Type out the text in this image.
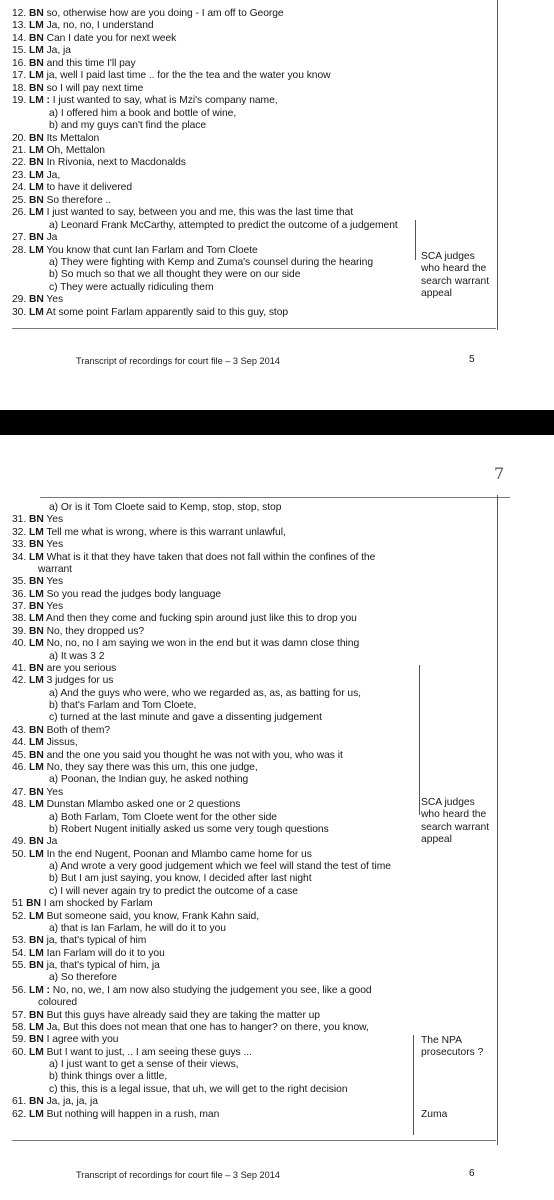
12. BN so, otherwise how are you doing - I am off to George
13. LM Ja, no, no, I understand
14. BN Can I date you for next week
15. LM Ja, ja
16. BN and this time I'll pay
17. LM ja, well I paid last time .. for the the tea and the water you know
18. BN so I will pay next time
19. LM : I just wanted to say, what is Mzi's company name,
a) I offered him a book and bottle of wine,
b) and my guys can't find the place
20. BN Its Mettalon
21. LM Oh, Mettalon
22. BN In Rivonia, next to Macdonalds
23. LM Ja,
24. LM to have it delivered
25. BN So therefore ..
26. LM I just wanted to say, between you and me, this was the last time that
a) Leonard Frank McCarthy, attempted to predict the outcome of a judgement
27. BN Ja
28. LM You know that cunt Ian Farlam and Tom Cloete
a) They were fighting with Kemp and Zuma's counsel during the hearing
b) So much so that we all thought they were on our side
c) They were actually ridiculing them
29. BN Yes
30. LM At some point Farlam apparently said to this guy, stop
SCA judges
who heard the
search warrant
appeal
Transcript of recordings for court file – 3 Sep 2014	5
7
a) Or is it Tom Cloete said to Kemp, stop, stop, stop
31. BN Yes
32. LM Tell me what is wrong, where is this warrant unlawful,
33. BN Yes
34. LM What is it that they have taken that does not fall within the confines of the
warrant
35. BN Yes
36. LM So you read the judges body language
37. BN Yes
38. LM And then they come and fucking spin around just like this to drop you
39. BN No, they dropped us?
40. LM No, no, no I am saying we won in the end but it was damn close thing
a) It was 3 2
41. BN are you serious
42. LM 3 judges for us
a) And the guys who were, who we regarded as, as, as batting for us,
b) that's Farlam and Tom Cloete,
c) turned at the last minute and gave a dissenting judgement
43. BN Both of them?
44. LM Jissus,
45. BN and the one you said you thought he was not with you, who was it
46. LM No, they say there was this um, this one judge,
a) Poonan, the Indian guy, he asked nothing
47. BN Yes
48. LM Dunstan Mlambo asked one or 2 questions
a) Both Farlam, Tom Cloete went for the other side
b) Robert Nugent initially asked us some very tough questions
49. BN Ja
50. LM In the end Nugent, Poonan and Mlambo came home for us
a) And wrote a very good judgement which we feel will stand the test of time
b) But I am just saying, you know, I decided after last night
c) I will never again try to predict the outcome of a case
51 BN I am shocked by Farlam
52. LM But someone said, you know, Frank Kahn said,
a) that is Ian Farlam, he will do it to you
53. BN ja, that's typical of him
54. LM Ian Farlam will do it to you
55. BN ja, that's typical of him, ja
a) So therefore
56. LM : No, no, we, I am now also studying the judgement you see, like a good
coloured
57. BN But this guys have already said they are taking the matter up
58. LM Ja, But this does not mean that one has to hanger? on there, you know,
59. BN I agree with you
60. LM But I want to just, .. I am seeing these guys ...
a) I just want to get a sense of their views,
b) think things over a little,
c) this, this is a legal issue, that uh, we will get to the right decision
61. BN Ja, ja, ja, ja
62. LM But nothing will happen in a rush, man
SCA judges
who heard the
search warrant
appeal
The NPA
prosecutors ?
Zuma
Transcript of recordings for court file – 3 Sep 2014	6
